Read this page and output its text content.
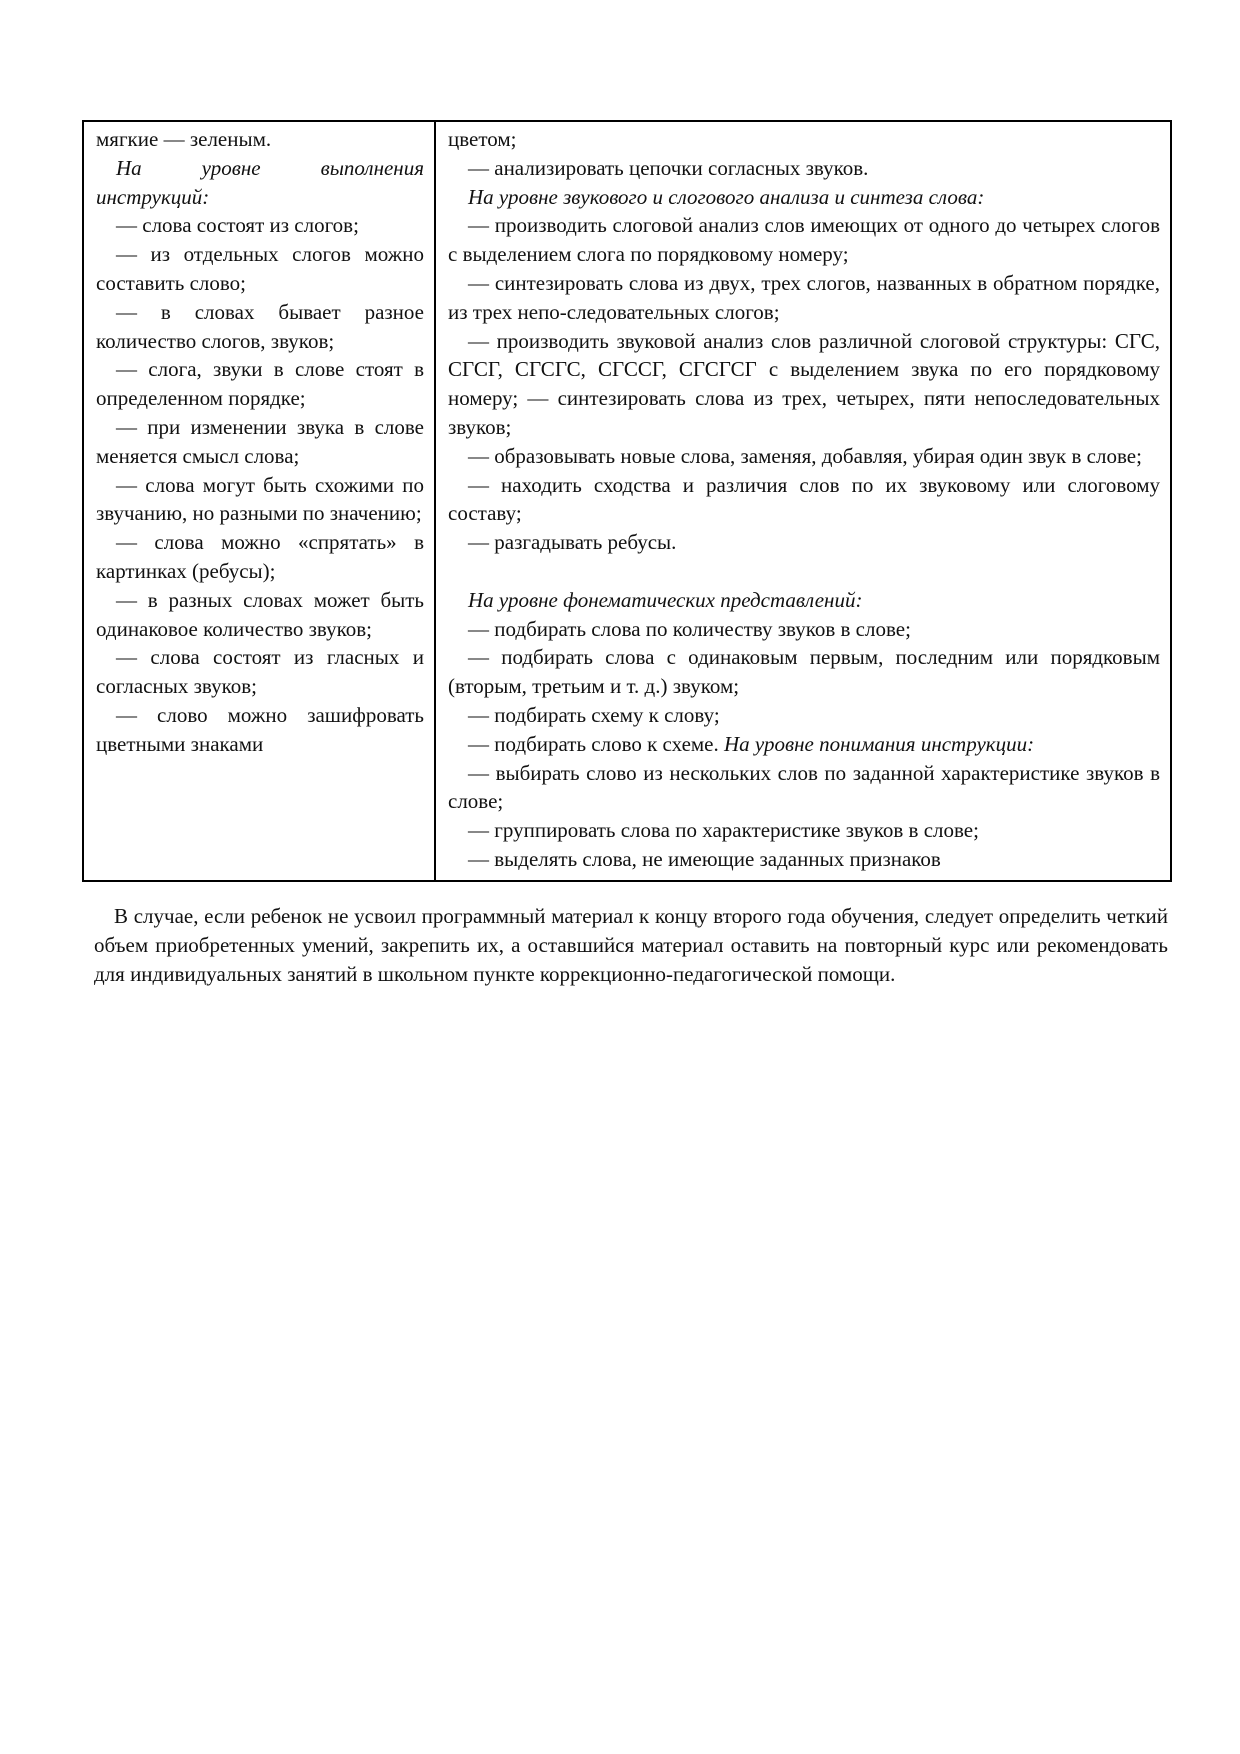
мягкие — зеленым.

На уровне выполнения инструкций:

— слова состоят из слогов;

— из отдельных слогов можно составить слово;

— в словах бывает разное количество слогов, звуков;

— слога, звуки в слове стоят в определенном порядке;

— при изменении звука в слове меняется смысл слова;

— слова могут быть схожими по звучанию, но разными по значению;

— слова можно «спрятать» в картинках (ребусы);

— в разных словах может быть одинаковое количество звуков;

— слова состоят из гласных и согласных звуков;

— слово можно зашифровать цветными знаками

цветом;

— анализировать цепочки согласных звуков.

На уровне звукового и слогового анализа и синтеза слова:

— производить слоговой анализ слов имеющих от одного до четырех слогов с выделением слога по порядковому номеру;

— синтезировать слова из двух, трех слогов, названных в обратном порядке, из трех непо-следовательных слогов;

— производить звуковой анализ слов различной слоговой структуры: СГС, СГСГ, СГСГС, СГССГ, СГСГСГ с выделением звука по его порядковому номеру; — синтезировать слова из трех, четырех, пяти непоследовательных звуков;

— образовывать новые слова, заменяя, добавляя, убирая один звук в слове;

— находить сходства и различия слов по их звуковому или слоговому составу;

— разгадывать ребусы.

На уровне фонематических представлений:

— подбирать слова по количеству звуков в слове;

— подбирать слова с одинаковым первым, последним или порядковым (вторым, третьим и т. д.) звуком;

— подбирать схему к слову;

— подбирать слово к схеме. На уровне понимания инструкции:

— выбирать слово из нескольких слов по заданной характеристике звуков в слове;

— группировать слова по характеристике звуков в слове;

— выделять слова, не имеющие заданных признаков

В случае, если ребенок не усвоил программный материал к концу второго года обучения, следует определить четкий объем приобретенных умений, закрепить их, а оставшийся материал оставить на повторный курс или рекомендовать для индивидуальных занятий в школьном пункте коррекционно-педагогической помощи.
